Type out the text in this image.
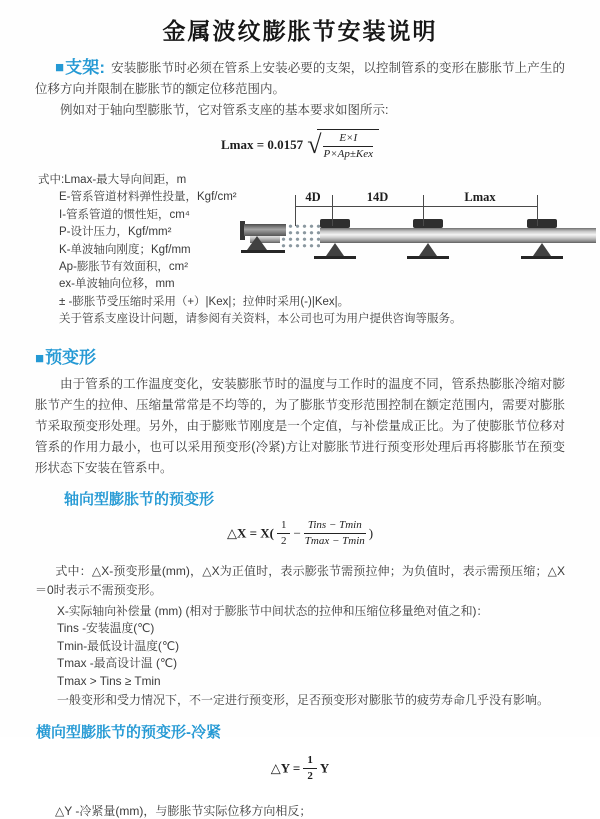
金属波纹膨胀节安装说明

■支架: 安装膨胀节时必须在管系上安装必要的支架，以控制管系的变形在膨胀节上产生的位移方向并限制在膨胀节的额定位移范围内。

例如对于轴向型膨胀节，它对管系支座的基本要求如图所示:

Lmax = 0.0157 √ $\frac{E\times I}{\text{P×Ap±Kex}}$
式中:Lmax-最大导向间距，m
E-管系管道材料弹性投量，Kgf/cm²
I-管系管道的惯性矩，cm⁴
P-设计压力，Kgf/mm²
K-单波轴向刚度；Kgf/mm
Ap-膨胀节有效面积，cm²
ex-单波轴向位移，mm
± -膨胀节受压缩时采用（+）|Kex|；拉伸时采用(-)|Kex|。
关于管系支座设计问题，请参阅有关资料，本公司也可为用户提供咨询等服务。
4D	14D	Lmax
■预变形

由于管系的工作温度变化，安装膨胀节时的温度与工作时的温度不同，管系热膨胀冷缩对膨胀节产生的拉伸、压缩量常常是不均等的，为了膨胀节变形范围控制在额定范围内，需要对膨胀节采取预变形处理。另外，由于膨账节刚度是一个定值，与补偿量成正比。为了使膨胀节位移对管系的作用力最小，也可以采用预变形(冷紧)方让对膨胀节进行预变形处理后再将膨胀节在预变形状态下安装在管系中。

轴向型膨胀节的预变形
△X = $X( \frac{1}{2} - \frac{\text{Tins − Tmin}}{Tmax - Tmin}$ )

式中：△X-预变形量(mm)，△X为正值时，表示膨张节需预拉伸；为负值时，表示需预压缩；△X＝0时表示不需预变形。

X-实际轴向补偿量 (mm) (相对于膨胀节中间状态的拉伸和压缩位移量绝对值之和)：
Tins -安装温度(℃)
Tmin-最低设计温度(℃)
Tmax -最高设计温 (℃)
Tmax > Tins ≥ Tmin

一般变形和受力情况下，不一定进行预变形，足否预变形对膨胀节的疲劳寿命几乎没有影响。

横向型膨胀节的预变形-冷紧
△Y = $\frac{1}{2}$ Y

△Y -冷紧量(mm)，与膨胀节实际位移方向相反；
